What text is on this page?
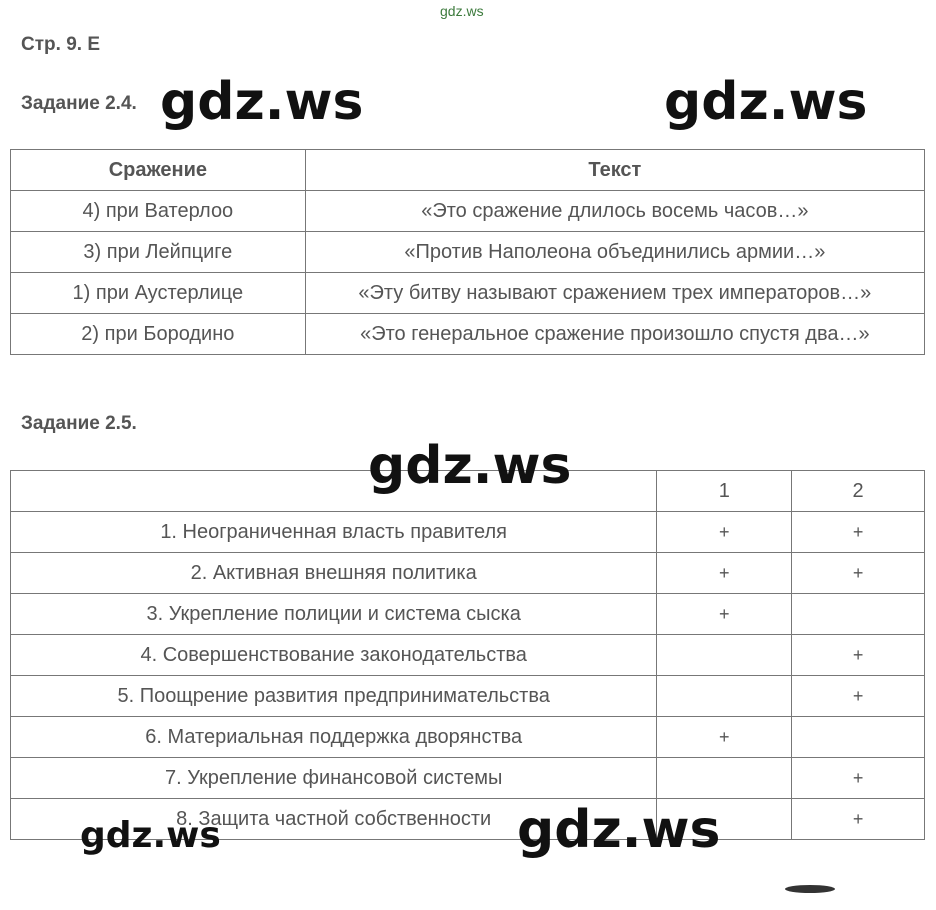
gdz.ws
Стр. 9. Е
Задание 2.4.
Сражение	Текст
4) при Ватерлоо	«Это сражение длилось восемь часов…»
3) при Лейпциге	«Против Наполеона объединились армии…»
1) при Аустерлице	«Эту битву называют сражением трех императоров…»
2) при Бородино	«Это генеральное сражение произошло спустя два…»
Задание 2.5.
	1	2
1. Неограниченная власть правителя	+	+
2. Активная внешняя политика	+	+
3. Укрепление полиции и система сыска	+	
4. Совершенствование законодательства		+
5. Поощрение развития предпринимательства		+
6. Материальная поддержка дворянства	+	
7. Укрепление финансовой системы		+
8. Защита частной собственности		+
gdz.ws	gdz.ws
gdz.ws
gdz.ws	gdz.ws
